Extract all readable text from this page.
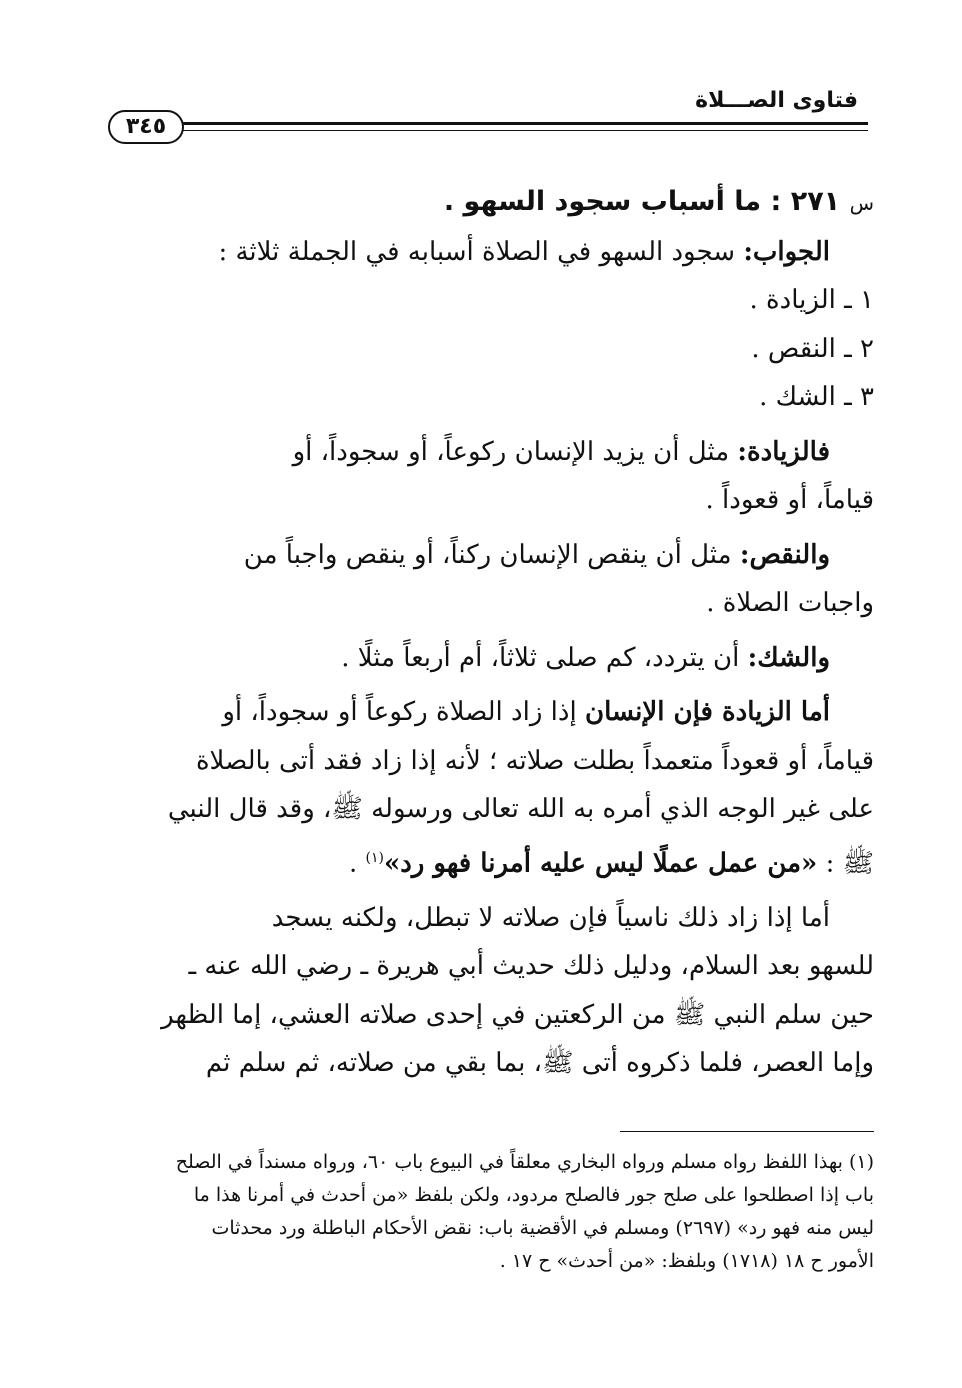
فتاوى الصـــلاة
٣٤٥
س ٢٧١ : ما أسباب سجود السهو .
الجواب: سجود السهو في الصلاة أسبابه في الجملة ثلاثة :
١ ـ الزيادة .
٢ ـ النقص .
٣ ـ الشك .
فالزيادة: مثل أن يزيد الإنسان ركوعاً، أو سجوداً، أو
قياماً، أو قعوداً .
والنقص: مثل أن ينقص الإنسان ركناً، أو ينقص واجباً من
واجبات الصلاة .
والشك: أن يتردد، كم صلى ثلاثاً، أم أربعاً مثلًا .
أما الزيادة فإن الإنسان إذا زاد الصلاة ركوعاً أو سجوداً، أو
قياماً، أو قعوداً متعمداً بطلت صلاته ؛ لأنه إذا زاد فقد أتى بالصلاة
على غير الوجه الذي أمره به الله تعالى ورسوله ﷺ، وقد قال النبي
ﷺ : «من عمل عملًا ليس عليه أمرنا فهو رد»$^{(١)}$ .
أما إذا زاد ذلك ناسياً فإن صلاته لا تبطل، ولكنه يسجد
للسهو بعد السلام، ودليل ذلك حديث أبي هريرة ـ رضي الله عنه ـ
حين سلم النبي ﷺ من الركعتين في إحدى صلاته العشي، إما الظهر
وإما العصر، فلما ذكروه أتى ﷺ، بما بقي من صلاته، ثم سلم ثم
(١) بهذا اللفظ رواه مسلم ورواه البخاري معلقاً في البيوع باب ٦٠، ورواه مسنداً في الصلح
باب إذا اصطلحوا على صلح جور فالصلح مردود، ولكن بلفظ «من أحدث في أمرنا هذا ما
ليس منه فهو رد» (٢٦٩٧) ومسلم في الأقضية باب: نقض الأحكام الباطلة ورد محدثات
الأمور ح ١٨ (١٧١٨) وبلفظ: «من أحدث» ح ١٧ .
